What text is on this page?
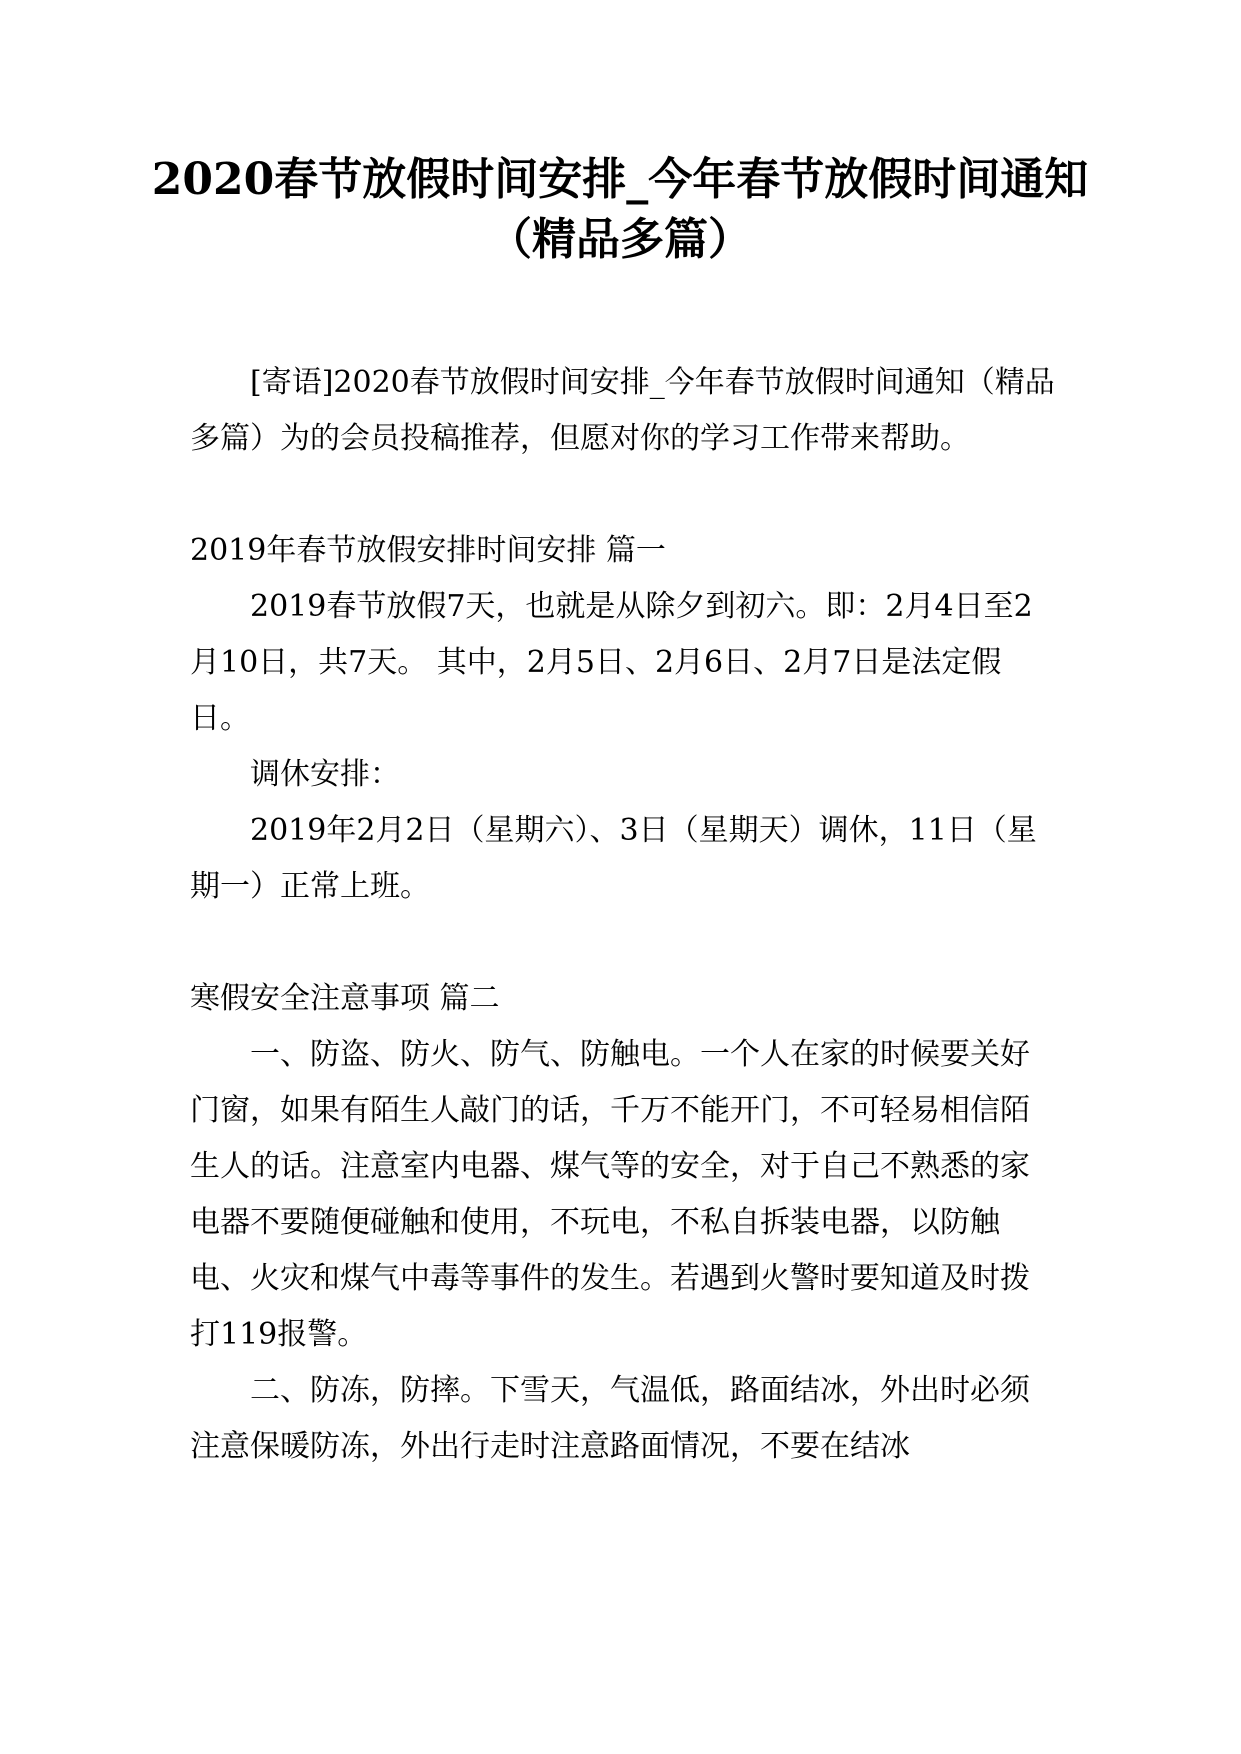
2020春节放假时间安排_今年春节放假时间通知（精品多篇）

[寄语]2020春节放假时间安排_今年春节放假时间通知（精品多篇）为的会员投稿推荐，但愿对你的学习工作带来帮助。

2019年春节放假安排时间安排 篇一

2019春节放假7天，也就是从除夕到初六。即：2月4日至2月10日，共7天。 其中，2月5日、2月6日、2月7日是法定假日。

调休安排：

2019年2月2日（星期六）、3日（星期天）调休，11日（星期一）正常上班。

寒假安全注意事项 篇二

一、防盗、防火、防气、防触电。一个人在家的时候要关好门窗，如果有陌生人敲门的话，千万不能开门，不可轻易相信陌生人的话。注意室内电器、煤气等的安全，对于自己不熟悉的家电器不要随便碰触和使用，不玩电，不私自拆装电器，以防触电、火灾和煤气中毒等事件的发生。若遇到火警时要知道及时拨打119报警。

二、防冻，防摔。下雪天，气温低，路面结冰，外出时必须注意保暖防冻，外出行走时注意路面情况，不要在结冰
